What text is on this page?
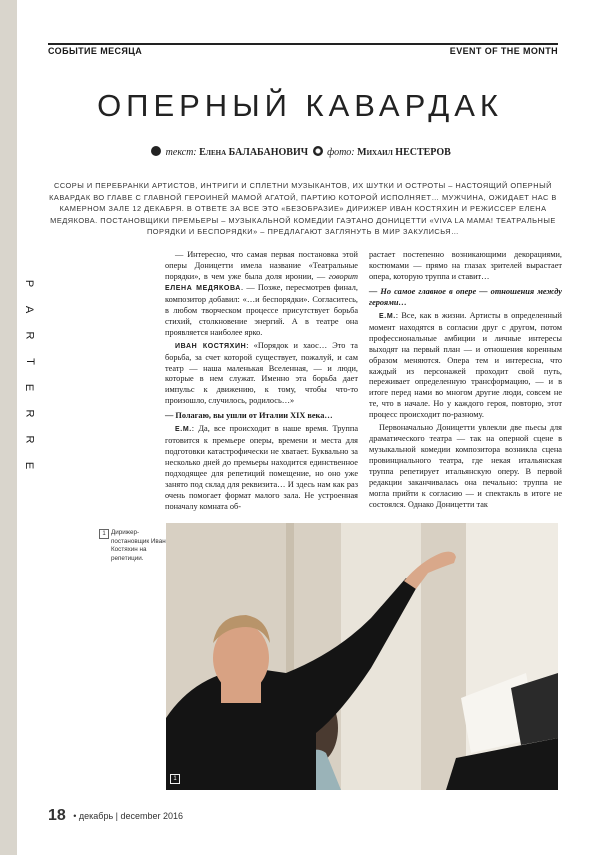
P
A
R
T
E
R
R
E
СОБЫТИЕ МЕСЯЦА	EVENT OF THE MONTH
ОПЕРНЫЙ КАВАРДАК
текст: Елена БАЛАБАНОВИЧ фото: Михаил НЕСТЕРОВ
ССОРЫ И ПЕРЕБРАНКИ АРТИСТОВ, ИНТРИГИ И СПЛЕТНИ МУЗЫКАНТОВ, ИХ ШУТКИ И ОСТРОТЫ – НАСТОЯЩИЙ ОПЕРНЫЙ КАВАРДАК ВО ГЛАВЕ С ГЛАВНОЙ ГЕРОИНЕЙ МАМОЙ АГАТОЙ, ПАРТИЮ КОТОРОЙ ИСПОЛНЯЕТ… МУЖЧИНА, ОЖИДАЕТ НАС В КАМЕРНОМ ЗАЛЕ 12 ДЕКАБРЯ. В ОТВЕТЕ ЗА ВСЕ ЭТО «БЕЗОБРАЗИЕ» ДИРИЖЕР ИВАН КОСТЯХИН И РЕЖИССЕР ЕЛЕНА МЕДЯКОВА. ПОСТАНОВЩИКИ ПРЕМЬЕРЫ – МУЗЫКАЛЬНОЙ КОМЕДИИ ГАЭТАНО ДОНИЦЕТТИ «VIVA LA MAMA! ТЕАТРАЛЬНЫЕ ПОРЯДКИ И БЕСПОРЯДКИ» – ПРЕДЛАГАЮТ ЗАГЛЯНУТЬ В МИР ЗАКУЛИСЬЯ…

— Интересно, что самая первая постановка этой оперы Доницетти имела название «Театральные порядки», в чем уже была доля иронии, — говорит ЕЛЕНА МЕДЯКОВА. — Позже, пересмотрев финал, композитор добавил: «…и беспорядки». Согласитесь, в любом творческом процессе присутствует борьба стихий, столкновение энергий. А в театре она проявляется наиболее ярко.

ИВАН КОСТЯХИН: «Порядок и хаос… Это та борьба, за счет которой существует, пожалуй, и сам театр — наша маленькая Вселенная, — и люди, которые в нем служат. Именно эта борьба дает импульс к движению, к тому, чтобы что-то произошло, случилось, родилось…»

— Полагаю, вы ушли от Италии XIX века…

Е.М.: Да, все происходит в наше время. Труппа готовится к премьере оперы, времени и места для подготовки катастрофически не хватает. Буквально за несколько дней до премьеры находится единственное подходящее для репетиций помещение, но оно уже занято под склад для реквизита… И здесь нам как раз очень помогает формат малого зала. Не устроенная поначалу комната об-

растает постепенно возникающими декорациями, костюмами — прямо на глазах зрителей вырастает опера, которую труппа и ставит…

— Но самое главное в опере — отношения между героями…

Е.М.: Все, как в жизни. Артисты в определенный момент находятся в согласии друг с другом, потом профессиональные амбиции и личные интересы выходят на первый план — и отношения коренным образом меняются. Опера тем и интересна, что каждый из персонажей проходит свой путь, переживает определенную трансформацию, — и в итоге перед нами во многом другие люди, совсем не те, что в начале. Но у каждого героя, повторю, этот процесс происходит по-разному.

Первоначально Доницетти увлекли две пьесы для драматического театра — так на оперной сцене в музыкальной комедии композитора возникла сцена провинциального театра, где некая итальянская труппа репетирует итальянскую оперу. В первой редакции заканчивалась она печально: труппа не могла прийти к согласию — и спектакль в итоге не состоялся. Однако Доницетти так

1 Дирижер-постановщик Иван Костяхин на репетиции.
1
18 • декабрь | december 2016
